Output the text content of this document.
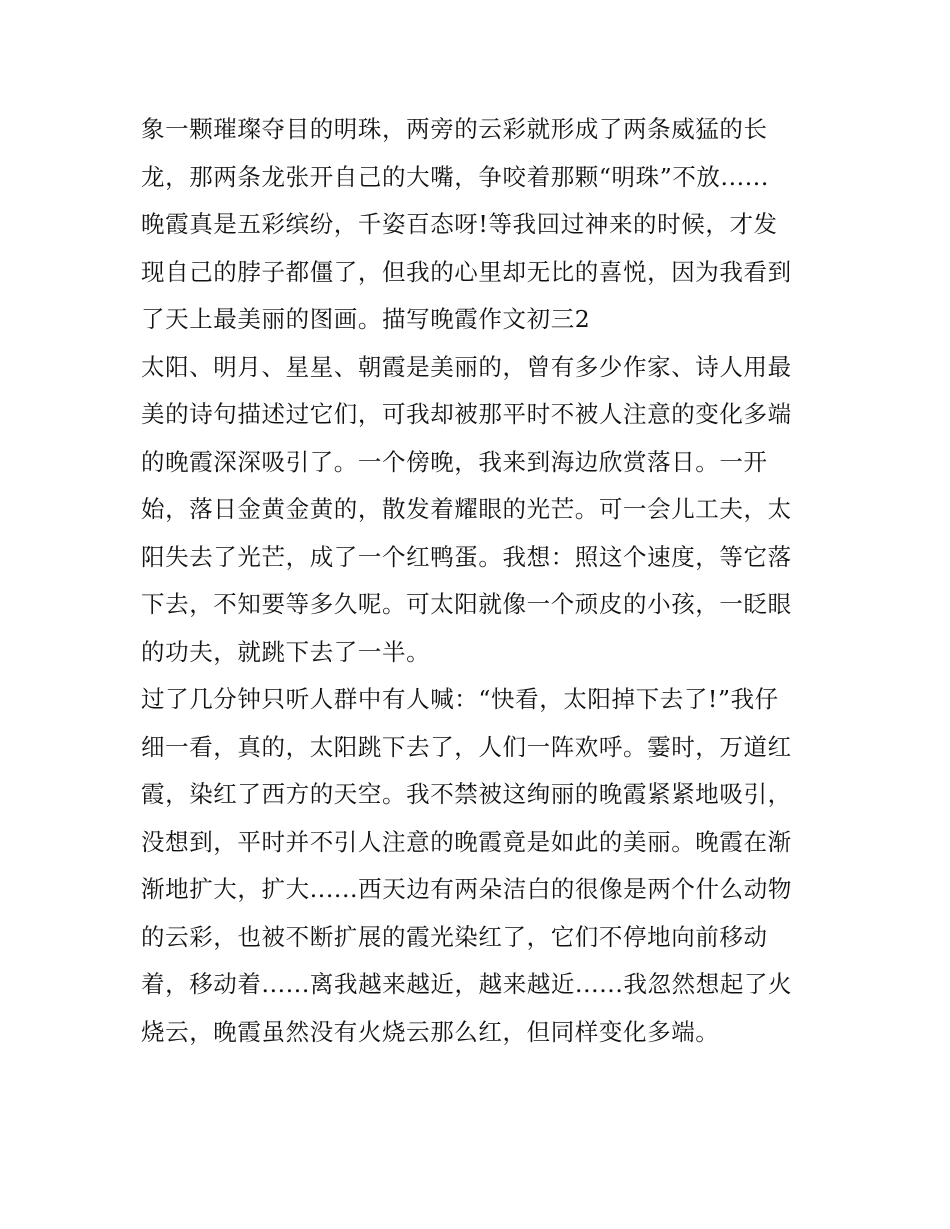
象一颗璀璨夺目的明珠，两旁的云彩就形成了两条威猛的长
龙，那两条龙张开自己的大嘴，争咬着那颗“明珠”不放......
晚霞真是五彩缤纷，千姿百态呀!等我回过神来的时候，才发
现自己的脖子都僵了，但我的心里却无比的喜悦，因为我看到
了天上最美丽的图画。描写晚霞作文初三2
太阳、明月、星星、朝霞是美丽的，曾有多少作家、诗人用最
美的诗句描述过它们，可我却被那平时不被人注意的变化多端
的晚霞深深吸引了。一个傍晚，我来到海边欣赏落日。一开
始，落日金黄金黄的，散发着耀眼的光芒。可一会儿工夫，太
阳失去了光芒，成了一个红鸭蛋。我想：照这个速度，等它落
下去，不知要等多久呢。可太阳就像一个顽皮的小孩，一眨眼
的功夫，就跳下去了一半。
过了几分钟只听人群中有人喊：“快看，太阳掉下去了!”我仔
细一看，真的，太阳跳下去了，人们一阵欢呼。霎时，万道红
霞，染红了西方的天空。我不禁被这绚丽的晚霞紧紧地吸引，
没想到，平时并不引人注意的晚霞竟是如此的美丽。晚霞在渐
渐地扩大，扩大......西天边有两朵洁白的很像是两个什么动物
的云彩，也被不断扩展的霞光染红了，它们不停地向前移动
着，移动着......离我越来越近，越来越近......我忽然想起了火
烧云，晚霞虽然没有火烧云那么红，但同样变化多端。
